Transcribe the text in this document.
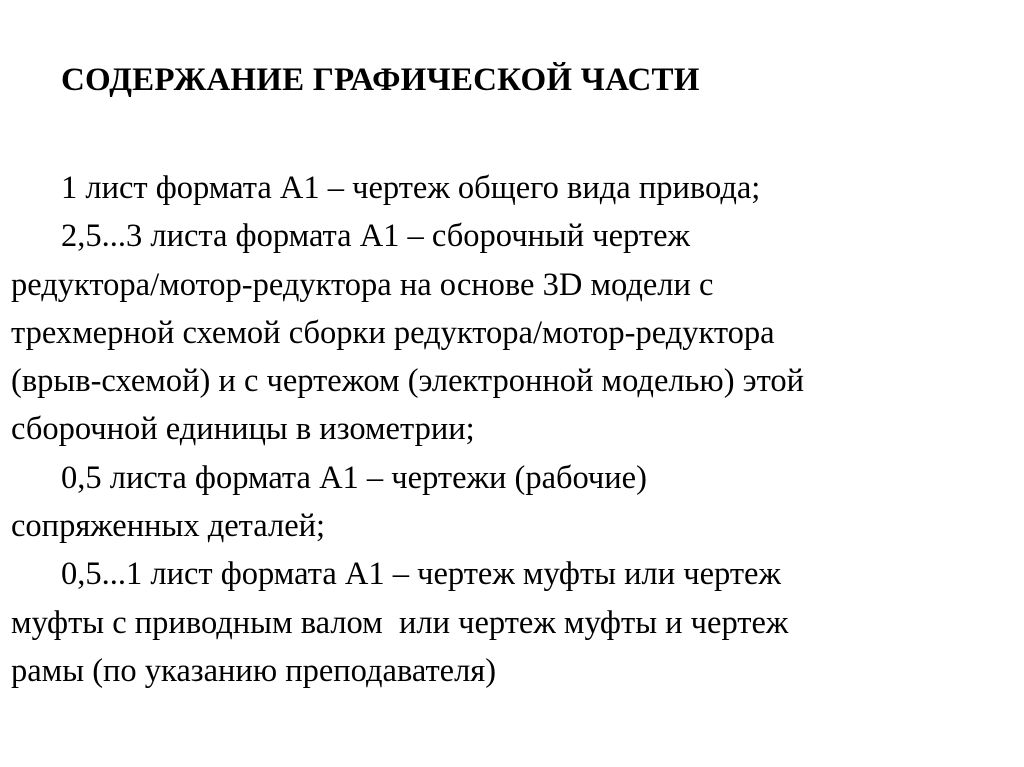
СОДЕРЖАНИЕ ГРАФИЧЕСКОЙ ЧАСТИ

1 лист формата А1 – чертеж общего вида привода;

2,5...3 листа формата А1 – сборочный чертеж
редуктора/мотор-редуктора на основе 3D модели с
трехмерной схемой сборки редуктора/мотор-редуктора
(врыв-схемой) и с чертежом (электронной моделью) этой
сборочной единицы в изометрии;

0,5 листа формата А1 – чертежи (рабочие)
сопряженных деталей;

0,5...1 лист формата А1 – чертеж муфты или чертеж
муфты с приводным валом  или чертеж муфты и чертеж
рамы (по указанию преподавателя)
